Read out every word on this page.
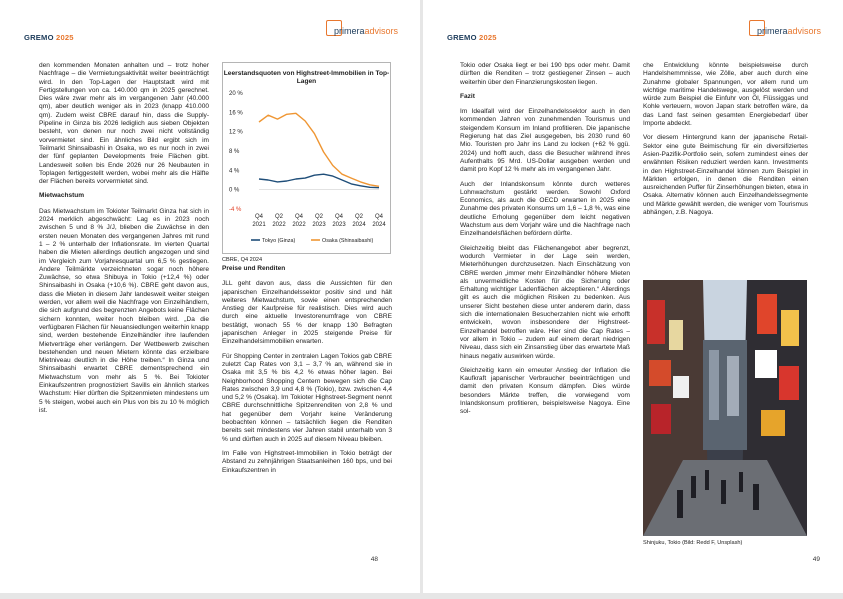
GREMO 2025
primera advisors

den kommenden Monaten anhalten und – trotz hoher Nachfrage – die Vermietungsaktivität weiter beeinträchtigt wird. In den Top-Lagen der Hauptstadt wird mit Fertigstellungen von ca. 140.000 qm in 2025 gerechnet. Dies wäre zwar mehr als im vergangenen Jahr (40.000 qm), aber deutlich weniger als in 2023 (knapp 410.000 qm). Zudem weist CBRE darauf hin, dass die Supply-Pipeline in Ginza bis 2026 lediglich aus sieben Objekten besteht, von denen nur noch zwei nicht vollständig vorvermietet sind. Ein ähnliches Bild ergibt sich im Teilmarkt Shinsaibashi in Osaka, wo es nur noch in zwei der fünf geplanten Developments freie Flächen gibt. Landesweit sollen bis Ende 2026 nur 26 Neubauten in Toplagen fertiggestellt werden, wobei mehr als die Hälfte der Flächen bereits vorvermietet sind.

Mietwachstum

Das Mietwachstum im Tokioter Teilmarkt Ginza hat sich in 2024 merklich abgeschwächt: Lag es in 2023 noch zwischen 5 und 8 % J/J, blieben die Zuwächse in den ersten neuen Monaten des vergangenen Jahres mit rund 1 – 2 % unterhalb der Inflationsrate. Im vierten Quartal haben die Mieten allerdings deutlich angezogen und sind im Vergleich zum Vorjahresquartal um 6,5 % gestiegen. Andere Teilmärkte verzeichneten sogar noch höhere Zuwächse, so etwa Shibuya in Tokio (+12,4 %) oder Shinsaibashi in Osaka (+10,6 %). CBRE geht davon aus, dass die Mieten in diesem Jahr landesweit weiter steigen werden, vor allem weil die Nachfrage von Einzelhändlern, die sich aufgrund des begrenzten Angebots keine Flächen sichern konnten, weiter hoch bleiben wird. „Da die verfügbaren Flächen für Neuansiedlungen weiterhin knapp sind, werden bestehende Einzelhändler ihre laufenden Mietverträge eher verlängern. Der Wettbewerb zwischen bestehenden und neuen Mietern könnte das erzielbare Mietniveau deutlich in die Höhe treiben.“ In Ginza und Shinsaibashi erwartet CBRE dementsprechend ein Mietwachstum von mehr als 5 %. Bei Tokioter Einkaufszentren prognostiziert Savills ein ähnlich starkes Wachstum: Hier dürften die Spitzenmieten mindestens um 5 % steigen, wobei auch ein Plus von bis zu 10 % möglich ist.

Leerstandsquoten von Highstreet-Immobilien in Top-Lagen
20 %
16 %
12 %
8 %
4 %
0 %
-4 %
Q4
2021
Q2
2022
Q4
2022
Q2
2023
Q4
2023
Q2
2024
Q4
2024
Tokyo (Ginza)	Osaka (Shinsaibashi)
CBRE, Q4 2024

Preise und Renditen

JLL geht davon aus, dass die Aussichten für den japanischen Einzelhandelssektor positiv sind und hält weiteres Mietwachstum, sowie einen entsprechenden Anstieg der Kaufpreise für realistisch. Dies wird auch durch eine aktuelle Investorenumfrage von CBRE bestätigt, wonach 55 % der knapp 130 Befragten japanischen Anleger in 2025 steigende Preise für Einzelhandelsimmobilien erwarten.

Für Shopping Center in zentralen Lagen Tokios gab CBRE zuletzt Cap Rates von 3,1 – 3,7 % an, während sie in Osaka mit 3,5 % bis 4,2 % etwas höher lagen. Bei Neighborhood Shopping Centern bewegen sich die Cap Rates zwischen 3,9 und 4,8 % (Tokio), bzw. zwischen 4,4 und 5,2 % (Osaka). Im Tokioter Highstreet-Segment nennt CBRE durchschnittliche Spitzenrenditen von 2,8 % und hat gegenüber dem Vorjahr keine Veränderung beobachten können – tatsächlich liegen die Renditen bereits seit mindestens vier Jahren stabil unterhalb von 3 % und dürften auch in 2025 auf diesem Niveau bleiben.

Im Falle von Highstreet-Immobilien in Tokio beträgt der Abstand zu zehnjährigen Staatsanleihen 160 bps, und bei Einkaufszentren in

48
GREMO 2025
primera advisors

Tokio oder Osaka liegt er bei 190 bps oder mehr. Damit dürften die Renditen – trotz gestiegener Zinsen – auch weiterhin über den Finanzierungskosten liegen.

Fazit

Im Idealfall wird der Einzelhandelssektor auch in den kommenden Jahren von zunehmenden Tourismus und steigendem Konsum im Inland profitieren. Die japanische Regierung hat das Ziel ausgegeben, bis 2030 rund 60 Mio. Touristen pro Jahr ins Land zu locken (+62 % ggü. 2024) und hofft auch, dass die Besucher während ihres Aufenthalts 95 Mrd. US-Dollar ausgeben werden und damit pro Kopf 12 % mehr als im vergangenen Jahr.

Auch der Inlandskonsum könnte durch wetteres Lohnwachstum gestärkt werden. Sowohl Oxford Economics, als auch die OECD erwarten in 2025 eine Zunahme des privaten Konsums um 1,6 – 1,8 %, was eine deutliche Erholung gegenüber dem leicht negativen Wachstum aus dem Vorjahr wäre und die Nachfrage nach Einzelhandelsflächen befördern dürfte.

Gleichzeitig bleibt das Flächenangebot aber begrenzt, wodurch Vermieter in der Lage sein werden, Mieterhöhungen durchzusetzen. Nach Einschätzung von CBRE werden „immer mehr Einzelhändler höhere Mieten als unvermeidliche Kosten für die Sicherung oder Erhaltung wichtiger Ladenflächen akzeptieren.“ Allerdings gilt es auch die möglichen Risiken zu bedenken. Aus unserer Sicht bestehen diese unter anderem darin, dass sich die internationalen Besucherzahlen nicht wie erhofft entwickeln, wovon insbesondere der Highstreet-Einzelhandel betroffen wäre. Hier sind die Cap Rates – vor allem in Tokio – zudem auf einem derart niedrigen Niveau, dass sich ein Zinsanstieg über das erwartete Maß hinaus negativ auswirken würde.

Gleichzeitig kann ein erneuter Anstieg der Inflation die Kaufkraft japanischer Verbraucher beeinträchtigen und damit den privaten Konsum dämpfen. Dies würde besonders Märkte treffen, die vorwiegend vom Inlandskonsum profitieren, beispielsweise Nagoya. Eine sol-

che Entwicklung könnte beispielsweise durch Handelshemmnisse, wie Zölle, aber auch durch eine Zunahme globaler Spannungen, vor allem rund um wichtige maritime Handelswege, ausgelöst werden und würde zum Beispiel die Einfuhr von Öl, Flüssiggas und Kohle verteuern, wovon Japan stark betroffen wäre, da das Land fast seinen gesamten Energiebedarf über Importe abdeckt.

Vor diesem Hintergrund kann der japanische Retail-Sektor eine gute Beimischung für ein diversifiziertes Asien-Pazifik-Portfolio sein, sofern zumindest eines der erwähnten Risiken reduziert werden kann. Investments in den Highstreet-Einzelhandel können zum Beispiel in Märkten erfolgen, in denen die Renditen einen ausreichenden Puffer für Zinserhöhungen bieten, etwa in Osaka. Alternativ können auch Einzelhandelssegmente und Märkte gewählt werden, die weniger vom Tourismus abhängen, z.B. Nagoya.

Shinjuku, Tokio (Bild: Redd F, Unsplash)
49
